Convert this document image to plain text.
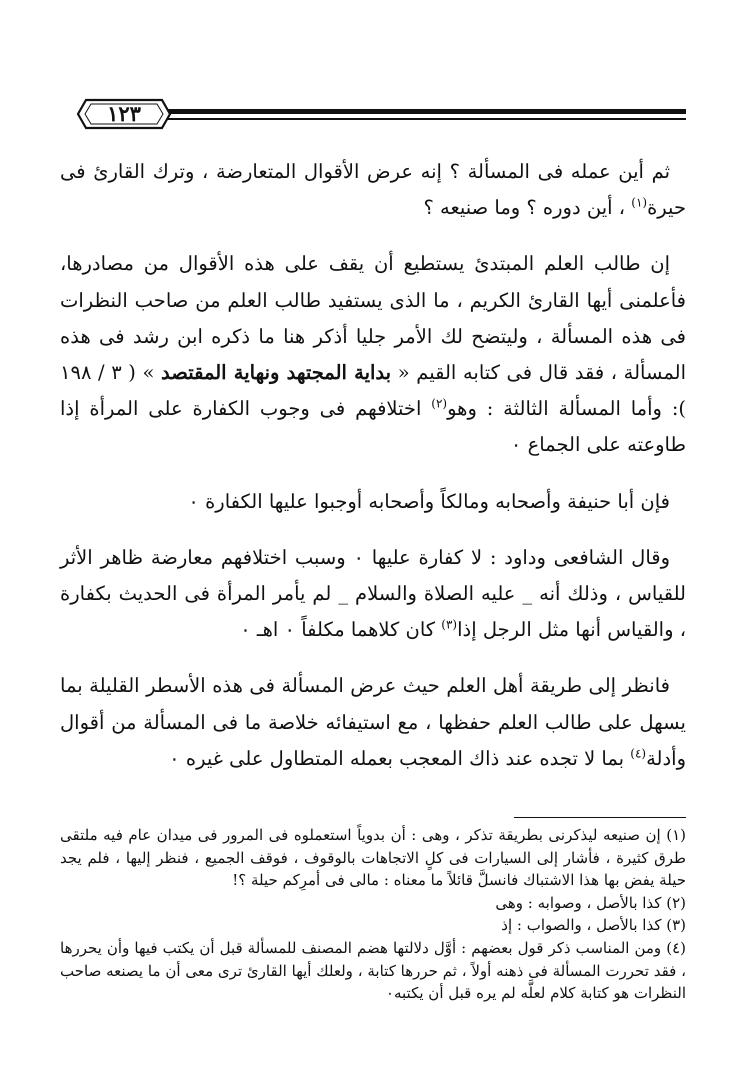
١٢٣

ثم أين عمله فى المسألة ؟ إنه عرض الأقوال المتعارضة ، وترك القارئ فى حيرة$^{(١)}$ ، أين دوره ؟ وما صنيعه ؟

إن طالب العلم المبتدئ يستطيع أن يقف على هذه الأقوال من مصادرها، فأعلمنى أيها القارئ الكريم ، ما الذى يستفيد طالب العلم من صاحب النظرات فى هذه المسألة ، وليتضح لك الأمر جليا أذكر هنا ما ذكره ابن رشد فى هذه المسألة ، فقد قال فى كتابه القيم « بداية المجتهد ونهاية المقتصد » ( ٣ / ١٩٨ ): وأما المسألة الثالثة : وهو$^{(٢)}$ اختلافهم فى وجوب الكفارة على المرأة إذا طاوعته على الجماع ٠

فإن أبا حنيفة وأصحابه ومالكاً وأصحابه أوجبوا عليها الكفارة ٠

وقال الشافعى وداود : لا كفارة عليها ٠ وسبب اختلافهم معارضة ظاهر الأثر للقياس ، وذلك أنه _ عليه الصلاة والسلام _ لم يأمر المرأة فى الحديث بكفارة ، والقياس أنها مثل الرجل إذا$^{(٣)}$ كان كلاهما مكلفاً ٠ اهـ ٠

فانظر إلى طريقة أهل العلم حيث عرض المسألة فى هذه الأسطر القليلة بما يسهل على طالب العلم حفظها ، مع استيفائه خلاصة ما فى المسألة من أقوال وأدلة$^{(٤)}$ بما لا تجده عند ذاك المعجب بعمله المتطاول على غيره ٠

(١) إن صنيعه ليذكرنى بطريقة تذكر ، وهى : أن بدوياً استعملوه فى المرور فى ميدان عام فيه ملتقى طرق كثيرة ، فأشار إلى السيارات فى كلٍ الاتجاهات بالوقوف ، فوقف الجميع ، فنظر إليها ، فلم يجد حيلة يفض بها هذا الاشتباك فانسلَّ قائلاً ما معناه : مالى فى أمرِكم حيلة ؟!

(٢) كذا بالأصل ، وصوابه : وهى

(٣) كذا بالأصل ، والصواب : إذ

(٤) ومن المناسب ذكر قول بعضهم : أوَّل دلالتها هضم المصنف للمسألة قبل أن يكتب فيها وأن يحررها ، فقد تحررت المسألة فى ذهنه أولاً ، ثم حررها كتابة ، ولعلك أيها القارئ ترى معى أن ما يصنعه صاحب النظرات هو كتابة كلام لعلَّه لم يره قبل أن يكتبه٠
